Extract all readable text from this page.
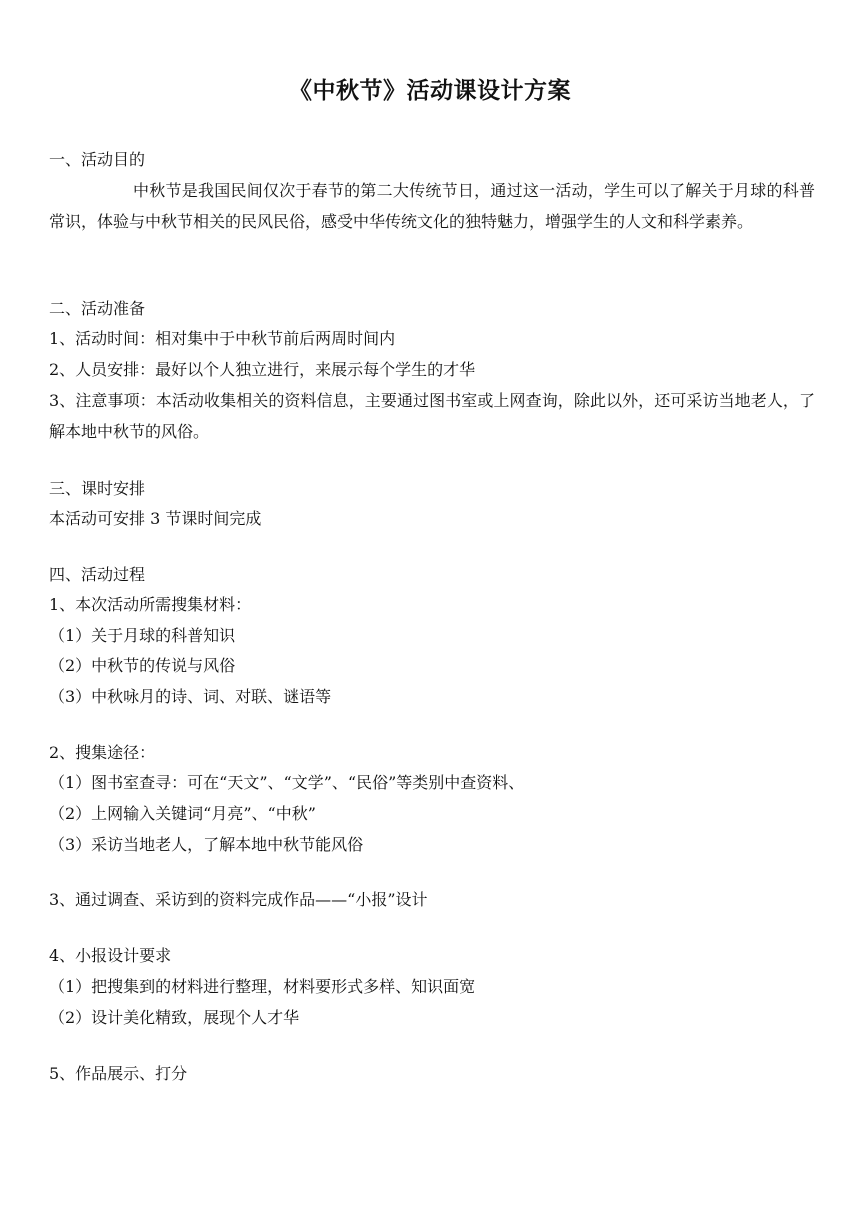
《中秋节》活动课设计方案
一、活动目的
中秋节是我国民间仅次于春节的第二大传统节日，通过这一活动，学生可以了解关于月球的科普常识，体验与中秋节相关的民风民俗，感受中华传统文化的独特魅力，增强学生的人文和科学素养。
二、活动准备
1、活动时间：相对集中于中秋节前后两周时间内
2、人员安排：最好以个人独立进行，来展示每个学生的才华
3、注意事项：本活动收集相关的资料信息，主要通过图书室或上网查询，除此以外，还可采访当地老人，了解本地中秋节的风俗。
三、课时安排
本活动可安排 3 节课时间完成
四、活动过程
1、本次活动所需搜集材料：
（1）关于月球的科普知识
（2）中秋节的传说与风俗
（3）中秋咏月的诗、词、对联、谜语等
2、搜集途径：
（1）图书室查寻：可在“天文”、“文学”、“民俗”等类别中查资料、
（2）上网输入关键词“月亮”、“中秋”
（3）采访当地老人，了解本地中秋节能风俗
3、通过调查、采访到的资料完成作品——“小报”设计
4、小报设计要求
（1）把搜集到的材料进行整理，材料要形式多样、知识面宽
（2）设计美化精致，展现个人才华
5、作品展示、打分
